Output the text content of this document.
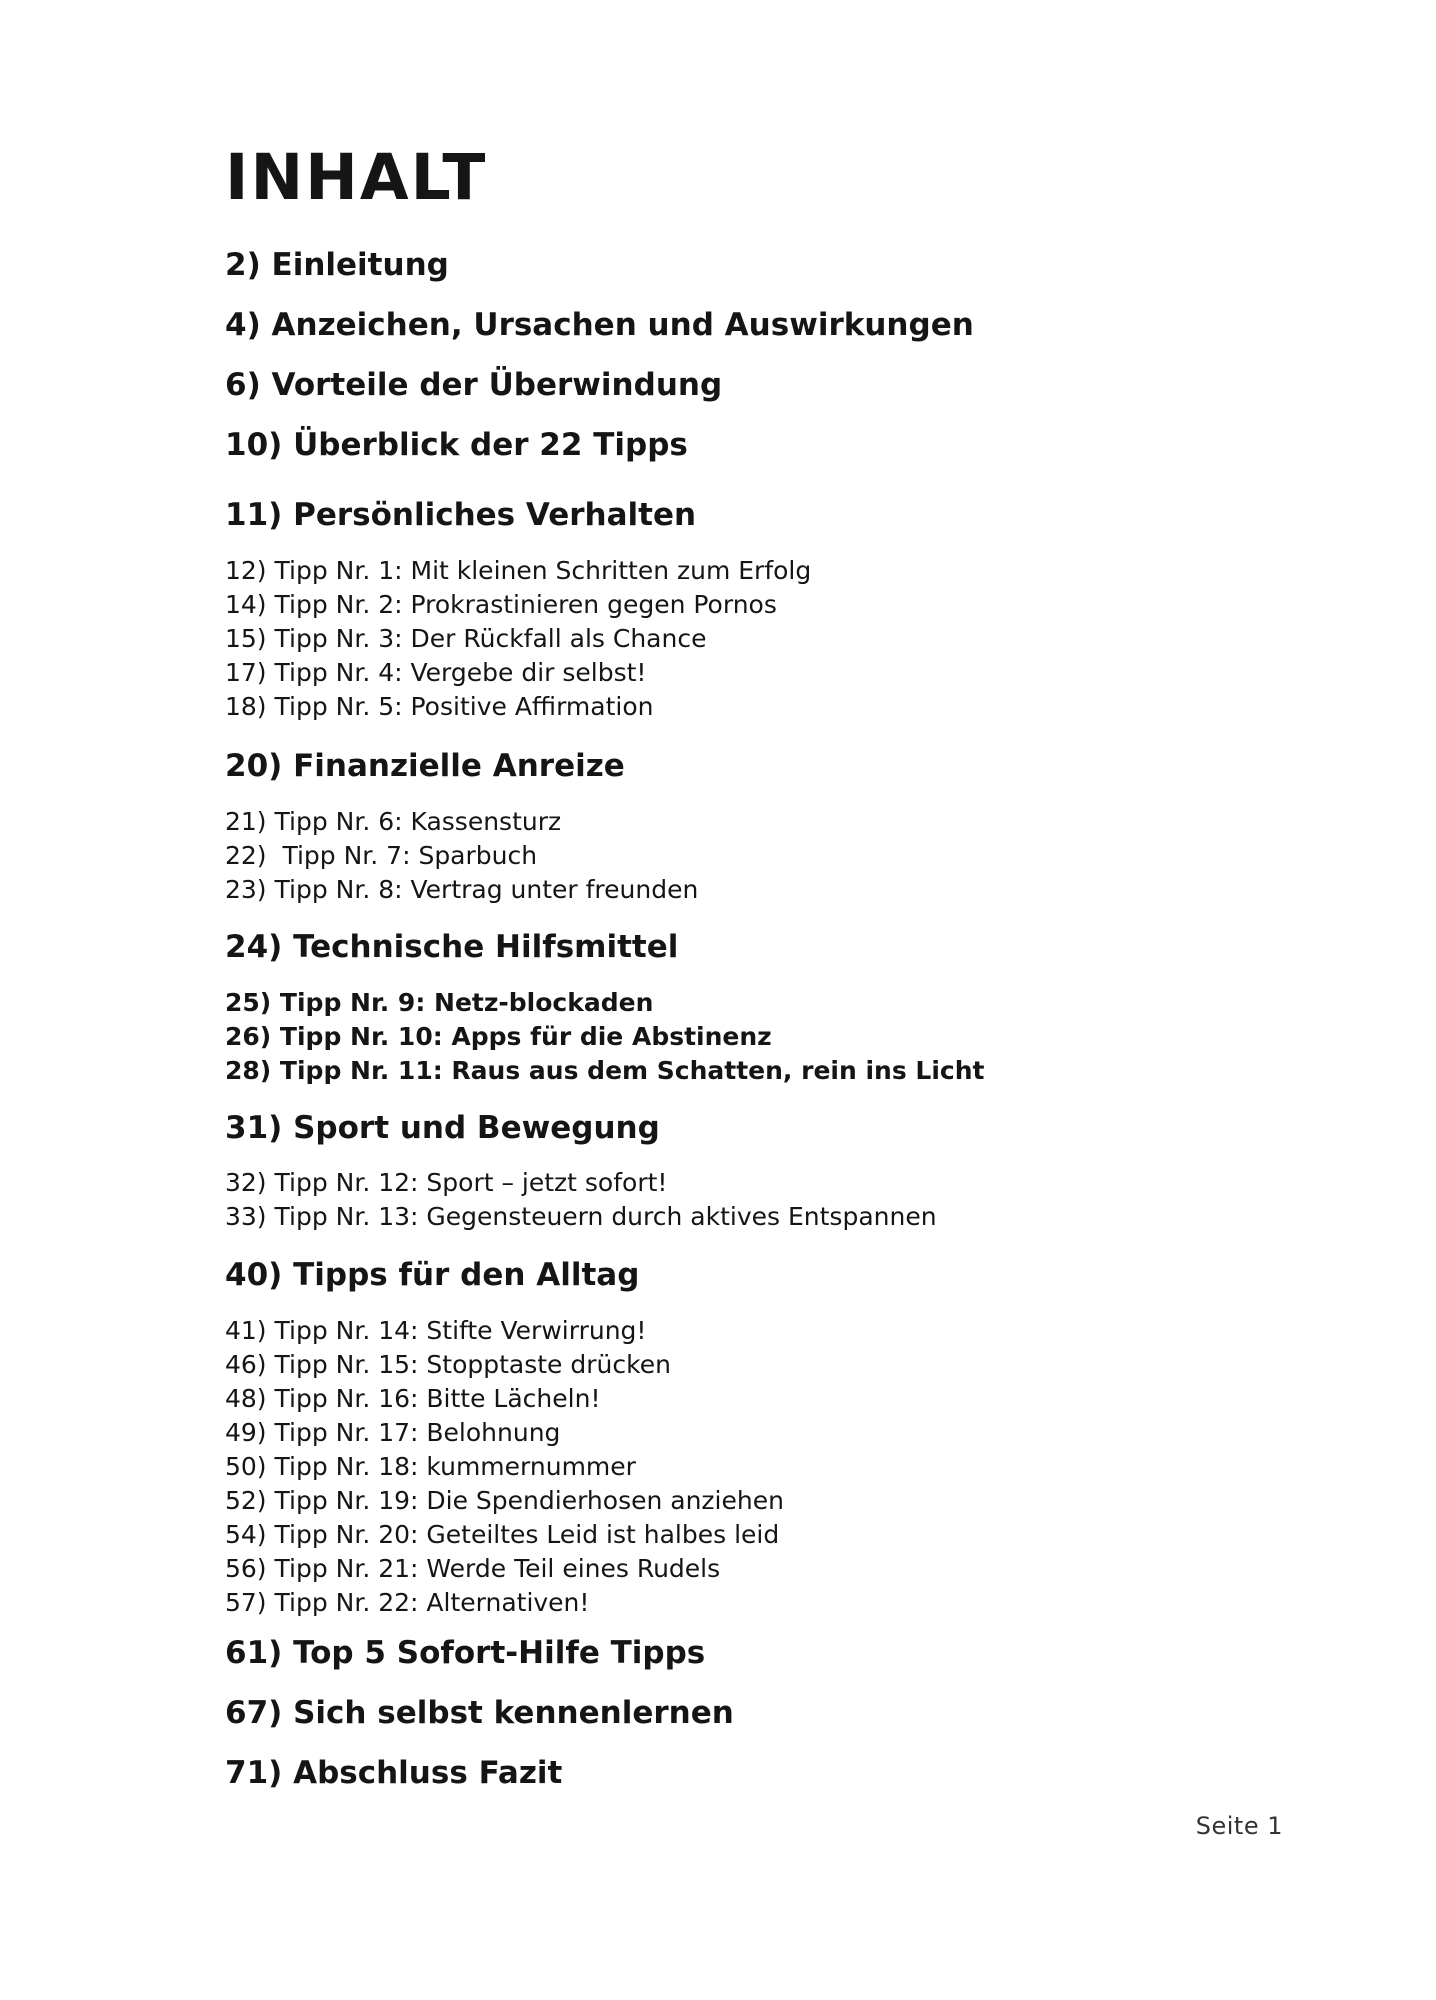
INHALT
2) Einleitung
4) Anzeichen, Ursachen und Auswirkungen
6) Vorteile der Überwindung
10) Überblick der 22 Tipps
11) Persönliches Verhalten
12) Tipp Nr. 1: Mit kleinen Schritten zum Erfolg
14) Tipp Nr. 2: Prokrastinieren gegen Pornos
15) Tipp Nr. 3: Der Rückfall als Chance
17) Tipp Nr. 4: Vergebe dir selbst!
18) Tipp Nr. 5: Positive Affirmation
20) Finanzielle Anreize
21) Tipp Nr. 6: Kassensturz
22)  Tipp Nr. 7: Sparbuch
23) Tipp Nr. 8: Vertrag unter freunden
24) Technische Hilfsmittel
25) Tipp Nr. 9: Netz-blockaden
26) Tipp Nr. 10: Apps für die Abstinenz
28) Tipp Nr. 11: Raus aus dem Schatten, rein ins Licht
31) Sport und Bewegung
32) Tipp Nr. 12: Sport – jetzt sofort!
33) Tipp Nr. 13: Gegensteuern durch aktives Entspannen
40) Tipps für den Alltag
41) Tipp Nr. 14: Stifte Verwirrung!
46) Tipp Nr. 15: Stopptaste drücken
48) Tipp Nr. 16: Bitte Lächeln!
49) Tipp Nr. 17: Belohnung
50) Tipp Nr. 18: kummernummer
52) Tipp Nr. 19: Die Spendierhosen anziehen
54) Tipp Nr. 20: Geteiltes Leid ist halbes leid
56) Tipp Nr. 21: Werde Teil eines Rudels
57) Tipp Nr. 22: Alternativen!
61) Top 5 Sofort-Hilfe Tipps
67) Sich selbst kennenlernen
71) Abschluss Fazit
Seite 1
